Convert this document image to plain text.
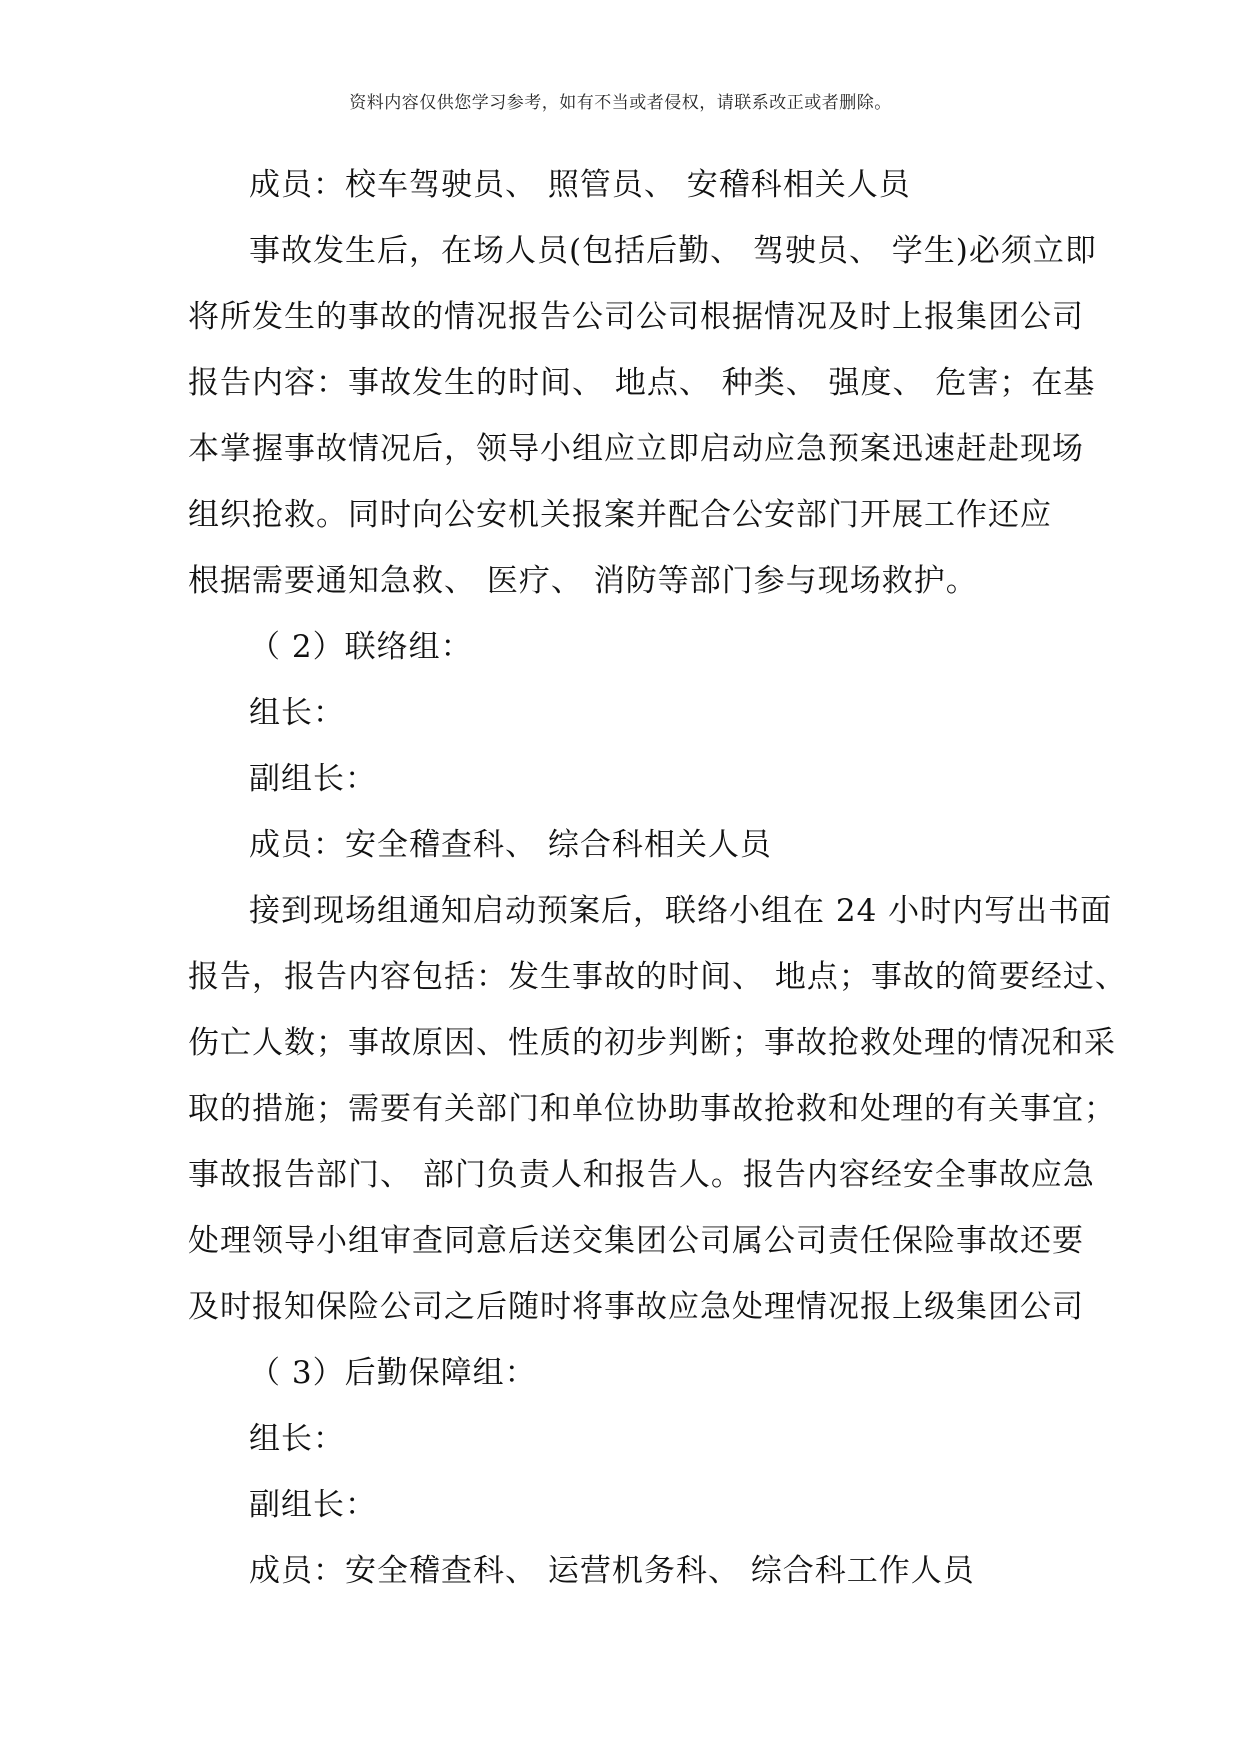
资料内容仅供您学习参考，如有不当或者侵权，请联系改正或者删除。
成员：校车驾驶员、 照管员、 安稽科相关人员
事故发生后，在场人员(包括后勤、 驾驶员、 学生)必须立即
将所发生的事故的情况报告公司公司根据情况及时上报集团公司
报告内容：事故发生的时间、 地点、 种类、 强度、 危害；在基
本掌握事故情况后，领导小组应立即启动应急预案迅速赶赴现场
组织抢救。同时向公安机关报案并配合公安部门开展工作还应
根据需要通知急救、 医疗、 消防等部门参与现场救护。
（ 2）联络组：
组长：
副组长：
成员：安全稽查科、 综合科相关人员
接到现场组通知启动预案后，联络小组在 24 小时内写出书面
报告，报告内容包括：发生事故的时间、 地点；事故的简要经过、
伤亡人数；事故原因、性质的初步判断；事故抢救处理的情况和采
取的措施；需要有关部门和单位协助事故抢救和处理的有关事宜；
事故报告部门、 部门负责人和报告人。报告内容经安全事故应急
处理领导小组审查同意后送交集团公司属公司责任保险事故还要
及时报知保险公司之后随时将事故应急处理情况报上级集团公司
（ 3）后勤保障组：
组长：
副组长：
成员：安全稽查科、 运营机务科、 综合科工作人员
